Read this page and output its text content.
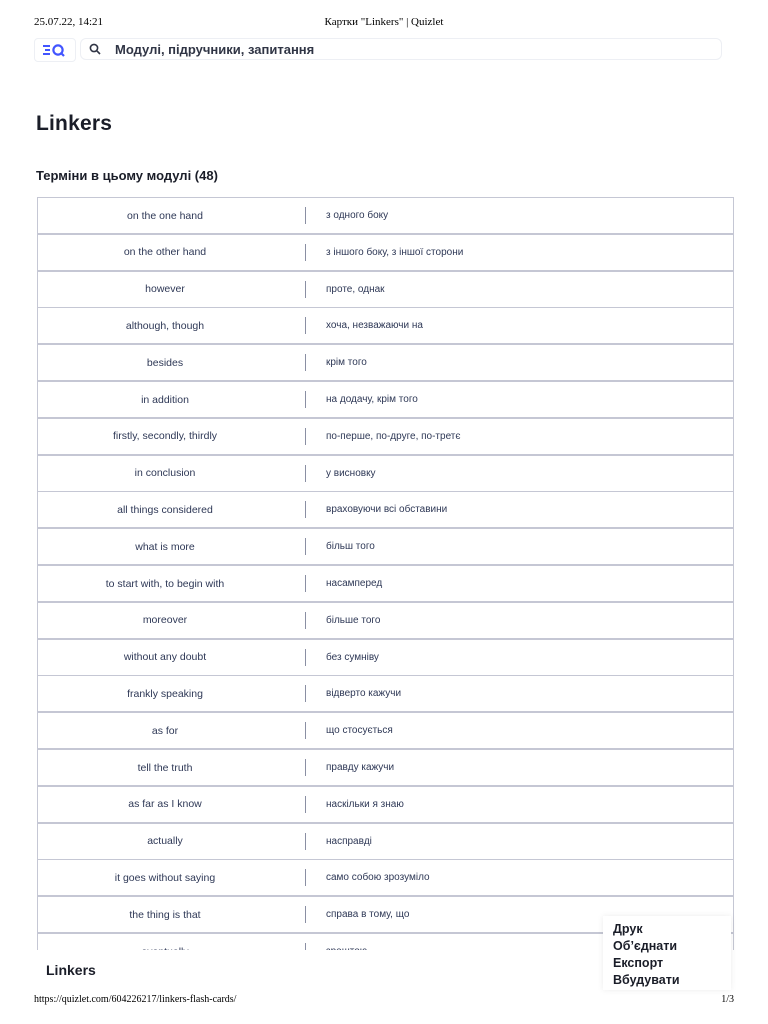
25.07.22, 14:21	Картки "Linkers" | Quizlet
Модулі, підручники, запитання
Linkers
Терміни в цьому модулі (48)
on the one hand	з одного боку
on the other hand	з іншого боку, з іншої сторони
however	проте, однак
although, though	хоча, незважаючи на
besides	крім того
in addition	на додачу, крім того
firstly, secondly, thirdly	по-перше, по-друге, по-третє
in conclusion	у висновку
all things considered	враховуючи всі обставини
what is more	більш того
to start with, to begin with	насамперед
moreover	більше того
without any doubt	без сумніву
frankly speaking	відверто кажучи
as for	що стосується
tell the truth	правду кажучи
as far as I know	наскільки я знаю
actually	насправді
it goes without saying	само собою зрозуміло
the thing is that	справа в тому, що
Linkers
Друк
Об’єднати
Експорт
Вбудувати
https://quizlet.com/604226217/linkers-flash-cards/	1/3
